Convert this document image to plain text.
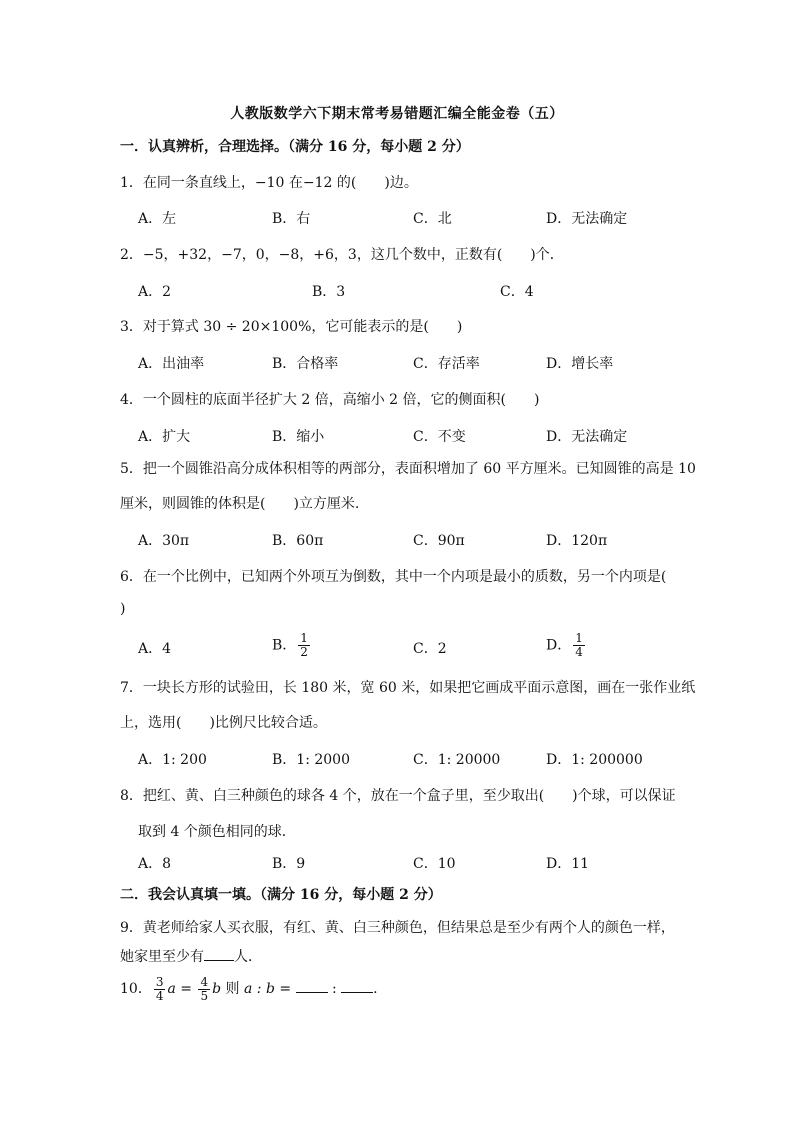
人教版数学六下期末常考易错题汇编全能金卷（五）
一．认真辨析，合理选择。（满分 16 分，每小题 2 分）
1．在同一条直线上，−10 在−12 的(　　)边。
A．左	B．右	C．北	D．无法确定
2．−5，+32，−7，0，−8，+6，3，这几个数中，正数有(　　)个．
A．2	B．3	C．4
3．对于算式 30 ÷ 20×100%，它可能表示的是(　　)
A．出油率	B．合格率	C．存活率	D．增长率
4．一个圆柱的底面半径扩大 2 倍，高缩小 2 倍，它的侧面积(　　)
A．扩大	B．缩小	C．不变	D．无法确定
5．把一个圆锥沿高分成体积相等的两部分，表面积增加了 60 平方厘米。已知圆锥的高是 10
厘米，则圆锥的体积是(　　)立方厘米.
A．30π	B．60π	C．90π	D．120π
6．在一个比例中，已知两个外项互为倒数，其中一个内项是最小的质数，另一个内项是(
)
A．4	B． $\frac{1}{2}$	C．2	D． $\frac{1}{4}$
7．一块长方形的试验田，长 180 米，宽 60 米，如果把它画成平面示意图，画在一张作业纸
上，选用(　　)比例尺比较合适。
A．1: 200	B．1: 2000	C．1: 20000	D．1: 200000
8．把红、黄、白三种颜色的球各 4 个，放在一个盒子里，至少取出(　　)个球，可以保证
取到 4 个颜色相同的球．
A．8	B．9	C．10	D．11
二．我会认真填一填。（满分 16 分，每小题 2 分）
9．黄老师给家人买衣服，有红、黄、白三种颜色，但结果总是至少有两个人的颜色一样，
她家里至少有 人．
10． $\frac{3}{4}$ $a = \frac{4}{5}$ b 则 a : b =  : .
